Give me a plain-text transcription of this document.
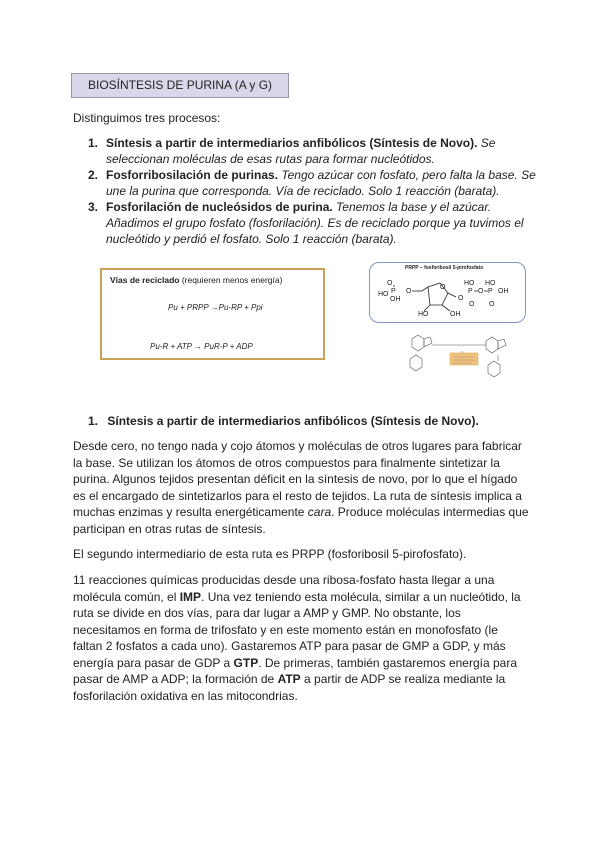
BIOSÍNTESIS DE PURINA (A y G)
Distinguimos tres procesos:
1. Síntesis a partir de intermediarios anfibólicos (Síntesis de Novo). Se seleccionan moléculas de esas rutas para formar nucleótidos.
2. Fosforribosilación de purinas. Tengo azúcar con fosfato, pero falta la base. Se une la purina que corresponda. Vía de reciclado. Solo 1 reacción (barata).
3. Fosforilación de nucleósidos de purina. Tenemos la base y el azúcar. Añadimos el grupo fosfato (fosforilación). Es de reciclado porque ya tuvimos el nucleótido y perdió el fosfato. Solo 1 reacción (barata).
Vías de reciclado (requieren menos energía)
Pu + PRPP →Pu-RP + Ppi
Pu-R + ATP → PuR-P + ADP
PRPP – fosforibosil 5-pirofosfato
HO P
OH
O
O
O
O
P
O
HO
O P
O
HO
OH
HO	OH
1. Síntesis a partir de intermediarios anfibólicos (Síntesis de Novo).
Desde cero, no tengo nada y cojo átomos y moléculas de otros lugares para fabricar la base. Se utilizan los átomos de otros compuestos para finalmente sintetizar la purina. Algunos tejidos presentan déficit en la síntesis de novo, por lo que el hígado es el encargado de sintetizarlos para el resto de tejidos. La ruta de síntesis implica a muchas enzimas y resulta energéticamente cara. Produce moléculas intermedias que participan en otras rutas de síntesis.
El segundo intermediario de esta ruta es PRPP (fosforibosil 5-pirofosfato).
11 reacciones químicas producidas desde una ribosa-fosfato hasta llegar a una molécula común, el IMP. Una vez teniendo esta molécula, similar a un nucleótido, la ruta se divide en dos vías, para dar lugar a AMP y GMP. No obstante, los necesitamos en forma de trifosfato y en este momento están en monofosfato (le faltan 2 fosfatos a cada uno). Gastaremos ATP para pasar de GMP a GDP, y más energía para pasar de GDP a GTP. De primeras, también gastaremos energía para pasar de AMP a ADP; la formación de ATP a partir de ADP se realiza mediante la fosforilación oxidativa en las mitocondrias.
